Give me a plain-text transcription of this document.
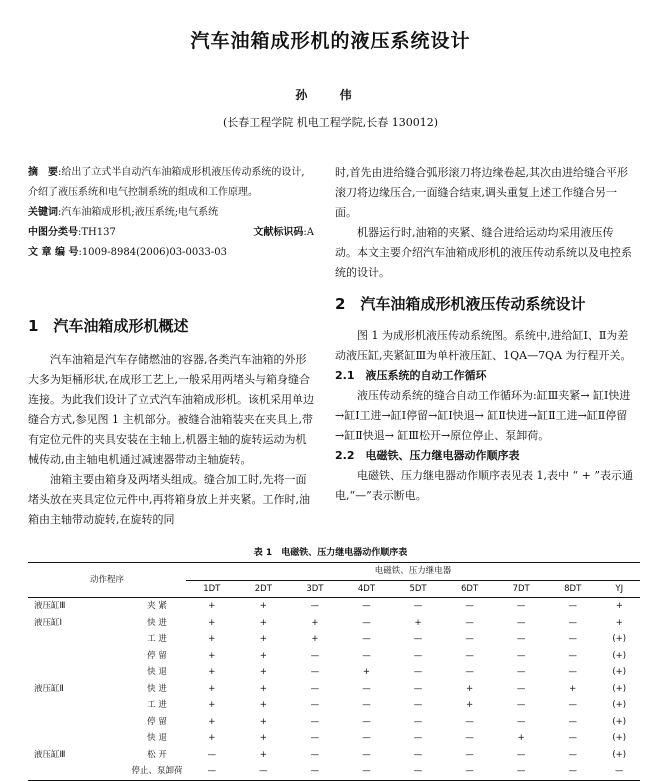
汽车油箱成形机的液压系统设计
孙 伟
(长春工程学院 机电工程学院,长春 130012)

摘　要:给出了立式半自动汽车油箱成形机液压传动系统的设计,介绍了液压系统和电气控制系统的组成和工作原理。

关键词:汽车油箱成形机;液压系统;电气系统

中图分类号:TH137	文献标识码:A

文 章 编 号:1009-8984(2006)03-0033-03

1　汽车油箱成形机概述

汽车油箱是汽车存储燃油的容器,各类汽车油箱的外形大多为矩桶形状,在成形工艺上,一般采用两堵头与箱身缝合连接。为此我们设计了立式汽车油箱成形机。该机采用单边缝合方式,参见图 1 主机部分。被缝合油箱装夹在夹具上,带有定位元件的夹具安装在主轴上,机器主轴的旋转运动为机械传动,由主轴电机通过减速器带动主轴旋转。

油箱主要由箱身及两堵头组成。缝合加工时,先将一面堵头放在夹具定位元件中,再将箱身放上并夹紧。工作时,油箱由主轴带动旋转,在旋转的同

时,首先由进给缝合弧形滚刀将边缘卷起,其次由进给缝合平形滚刀将边缘压合,一面缝合结束,调头重复上述工作缝合另一面。

机器运行时,油箱的夹紧、缝合进给运动均采用液压传动。本文主要介绍汽车油箱成形机的液压传动系统以及电控系统的设计。

2　汽车油箱成形机液压传动系统设计

图 1 为成形机液压传动系统图。系统中,进给缸Ⅰ、Ⅱ为差动液压缸,夹紧缸Ⅲ为单杆液压缸、1QA—7QA 为行程开关。

2.1　液压系统的自动工作循环

液压传动系统的缝合自动工作循环为:缸Ⅲ夹紧→ 缸Ⅰ快进→缸Ⅰ工进→缸Ⅰ停留→缸Ⅰ快退→ 缸Ⅱ快进→缸Ⅱ工进→缸Ⅱ停留→缸Ⅱ快退→ 缸Ⅲ松开→原位停止、泵卸荷。

2.2　电磁铁、压力继电器动作顺序表

电磁铁、压力继电器动作顺序表见表 1,表中 “ + ”表示通电,“—”表示断电。

表 1　电磁铁、压力继电器动作顺序表
动作程序		电磁铁、压力继电器								
		1DT	2DT	3DT	4DT	5DT	6DT	7DT	8DT	YJ
液压缸Ⅲ	夹 紧	+	+	—	—	—	—	—	—	+
液压缸Ⅰ	快 进	+	+	+	—	+	—	—	—	+
	工 进	+	+	+	—	—	—	—	—	(+)
	停 留	+	+	—	—	—	—	—	—	(+)
	快 退	+	+	—	+	—	—	—	—	(+)
液压缸Ⅱ	快 进	+	+	—	—	—	+	—	+	(+)
	工 进	+	+	—	—	—	+	—	—	(+)
	停 留	+	+	—	—	—	—	—	—	(+)
	快 退	+	+	—	—	—	—	+	—	(+)
液压缸Ⅲ	松 开	—	+	—	—	—	—	—	—	(+)
	停止、泵卸荷	—	—	—	—	—	—	—	—	—
